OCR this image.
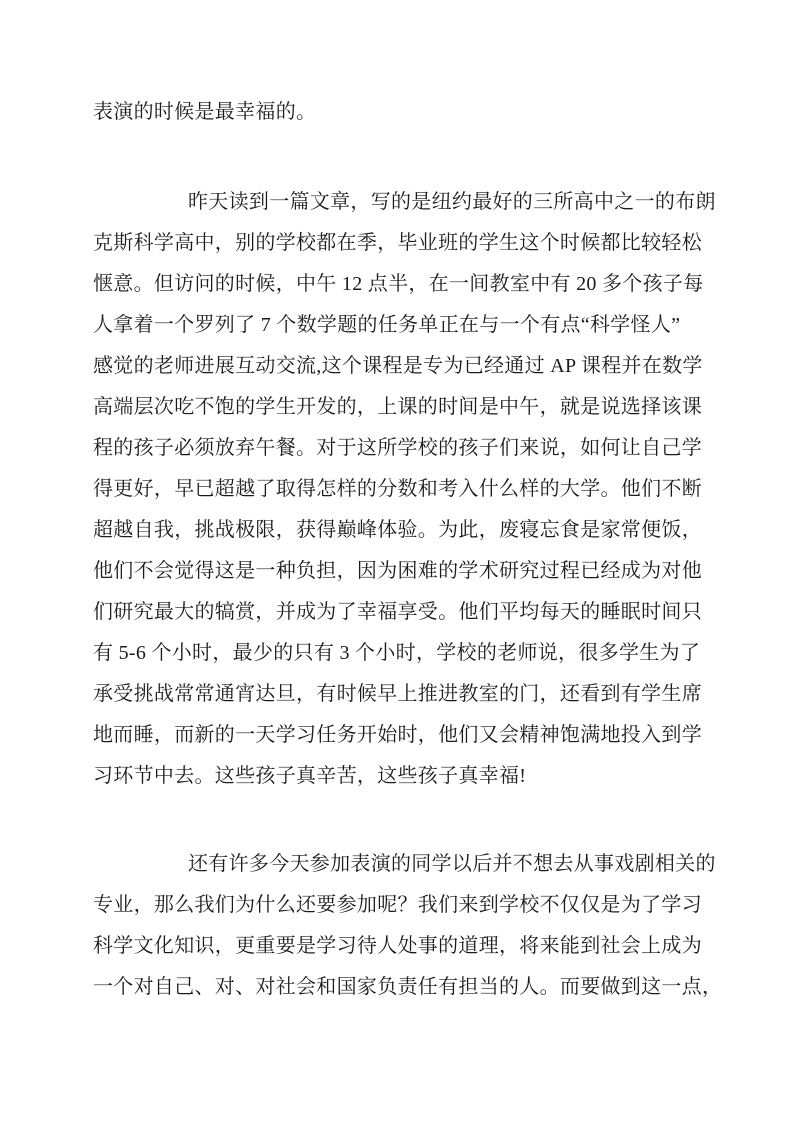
表演的时候是最幸福的。
昨天读到一篇文章，写的是纽约最好的三所高中之一的布朗
克斯科学高中，别的学校都在季，毕业班的学生这个时候都比较轻松
惬意。但访问的时候，中午 12 点半，在一间教室中有 20 多个孩子每
人拿着一个罗列了 7 个数学题的任务单正在与一个有点“科学怪人”
感觉的老师进展互动交流,这个课程是专为已经通过 AP 课程并在数学
高端层次吃不饱的学生开发的，上课的时间是中午，就是说选择该课
程的孩子必须放弃午餐。对于这所学校的孩子们来说，如何让自己学
得更好，早已超越了取得怎样的分数和考入什么样的大学。他们不断
超越自我，挑战极限，获得巅峰体验。为此，废寝忘食是家常便饭，
他们不会觉得这是一种负担，因为困难的学术研究过程已经成为对他
们研究最大的犒赏，并成为了幸福享受。他们平均每天的睡眠时间只
有 5-6 个小时，最少的只有 3 个小时，学校的老师说，很多学生为了
承受挑战常常通宵达旦，有时候早上推进教室的门，还看到有学生席
地而睡，而新的一天学习任务开始时，他们又会精神饱满地投入到学
习环节中去。这些孩子真辛苦，这些孩子真幸福!
还有许多今天参加表演的同学以后并不想去从事戏剧相关的
专业，那么我们为什么还要参加呢？我们来到学校不仅仅是为了学习
科学文化知识，更重要是学习待人处事的道理，将来能到社会上成为
一个对自己、对、对社会和国家负责任有担当的人。而要做到这一点，
